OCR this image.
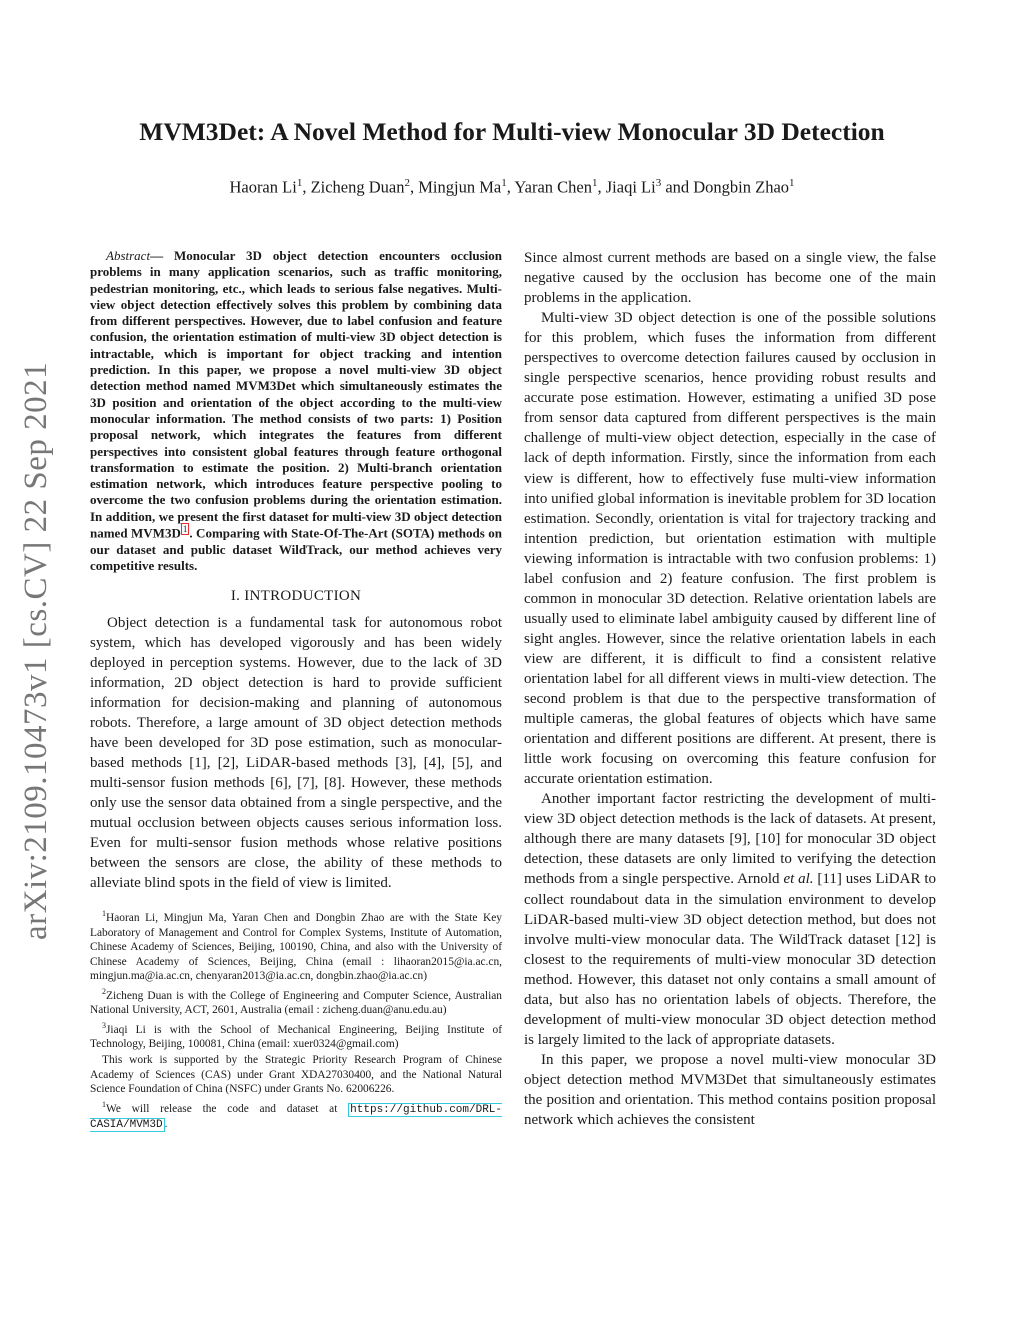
MVM3Det: A Novel Method for Multi-view Monocular 3D Detection
Haoran Li$^1$, Zicheng Duan$^2$, Mingjun Ma$^1$, Yaran Chen$^1$, Jiaqi Li$^3$ and Dongbin Zhao$^1$
arXiv:2109.10473v1 [cs.CV] 22 Sep 2021

Abstract— Monocular 3D object detection encounters occlusion problems in many application scenarios, such as traffic monitoring, pedestrian monitoring, etc., which leads to serious false negatives. Multi-view object detection effectively solves this problem by combining data from different perspectives. However, due to label confusion and feature confusion, the orientation estimation of multi-view 3D object detection is intractable, which is important for object tracking and intention prediction. In this paper, we propose a novel multi-view 3D object detection method named MVM3Det which simultaneously estimates the 3D position and orientation of the object according to the multi-view monocular information. The method consists of two parts: 1) Position proposal network, which integrates the features from different perspectives into consistent global features through feature orthogonal transformation to estimate the position. 2) Multi-branch orientation estimation network, which introduces feature perspective pooling to overcome the two confusion problems during the orientation estimation. In addition, we present the first dataset for multi-view 3D object detection named MVM3D $^1$ . Comparing with State-Of-The-Art (SOTA) methods on our dataset and public dataset WildTrack, our method achieves very competitive results.

I. INTRODUCTION

Object detection is a fundamental task for autonomous robot system, which has developed vigorously and has been widely deployed in perception systems. However, due to the lack of 3D information, 2D object detection is hard to provide sufficient information for decision-making and planning of autonomous robots. Therefore, a large amount of 3D object detection methods have been developed for 3D pose estimation, such as monocular-based methods [1], [2], LiDAR-based methods [3], [4], [5], and multi-sensor fusion methods [6], [7], [8]. However, these methods only use the sensor data obtained from a single perspective, and the mutual occlusion between objects causes serious information loss. Even for multi-sensor fusion methods whose relative positions between the sensors are close, the ability of these methods to alleviate blind spots in the field of view is limited.

$^1$Haoran Li, Mingjun Ma, Yaran Chen and Dongbin Zhao are with the State Key Laboratory of Management and Control for Complex Systems, Institute of Automation, Chinese Academy of Sciences, Beijing, 100190, China, and also with the University of Chinese Academy of Sciences, Beijing, China (email : lihaoran2015@ia.ac.cn, mingjun.ma@ia.ac.cn, chenyaran2013@ia.ac.cn, dongbin.zhao@ia.ac.cn)

$^2$Zicheng Duan is with the College of Engineering and Computer Science, Australian National University, ACT, 2601, Australia (email : zicheng.duan@anu.edu.au)

$^3$Jiaqi Li is with the School of Mechanical Engineering, Beijing Institute of Technology, Beijing, 100081, China (email: xuer0324@gmail.com)

This work is supported by the Strategic Priority Research Program of Chinese Academy of Sciences (CAS) under Grant XDA27030400, and the National Natural Science Foundation of China (NSFC) under Grants No. 62006226.

$^1$We will release the code and dataset at https://github.com/DRL-CASIA/MVM3D .

Since almost current methods are based on a single view, the false negative caused by the occlusion has become one of the main problems in the application.

Multi-view 3D object detection is one of the possible solutions for this problem, which fuses the information from different perspectives to overcome detection failures caused by occlusion in single perspective scenarios, hence providing robust results and accurate pose estimation. However, estimating a unified 3D pose from sensor data captured from different perspectives is the main challenge of multi-view object detection, especially in the case of lack of depth information. Firstly, since the information from each view is different, how to effectively fuse multi-view information into unified global information is inevitable problem for 3D location estimation. Secondly, orientation is vital for trajectory tracking and intention prediction, but orientation estimation with multiple viewing information is intractable with two confusion problems: 1) label confusion and 2) feature confusion. The first problem is common in monocular 3D detection. Relative orientation labels are usually used to eliminate label ambiguity caused by different line of sight angles. However, since the relative orientation labels in each view are different, it is difficult to find a consistent relative orientation label for all different views in multi-view detection. The second problem is that due to the perspective transformation of multiple cameras, the global features of objects which have same orientation and different positions are different. At present, there is little work focusing on overcoming this feature confusion for accurate orientation estimation.

Another important factor restricting the development of multi-view 3D object detection methods is the lack of datasets. At present, although there are many datasets [9], [10] for monocular 3D object detection, these datasets are only limited to verifying the detection methods from a single perspective. Arnold et al. [11] uses LiDAR to collect roundabout data in the simulation environment to develop LiDAR-based multi-view 3D object detection method, but does not involve multi-view monocular data. The WildTrack dataset [12] is closest to the requirements of multi-view monocular 3D detection method. However, this dataset not only contains a small amount of data, but also has no orientation labels of objects. Therefore, the development of multi-view monocular 3D object detection method is largely limited to the lack of appropriate datasets.

In this paper, we propose a novel multi-view monocular 3D object detection method MVM3Det that simultaneously estimates the position and orientation. This method contains position proposal network which achieves the consistent
